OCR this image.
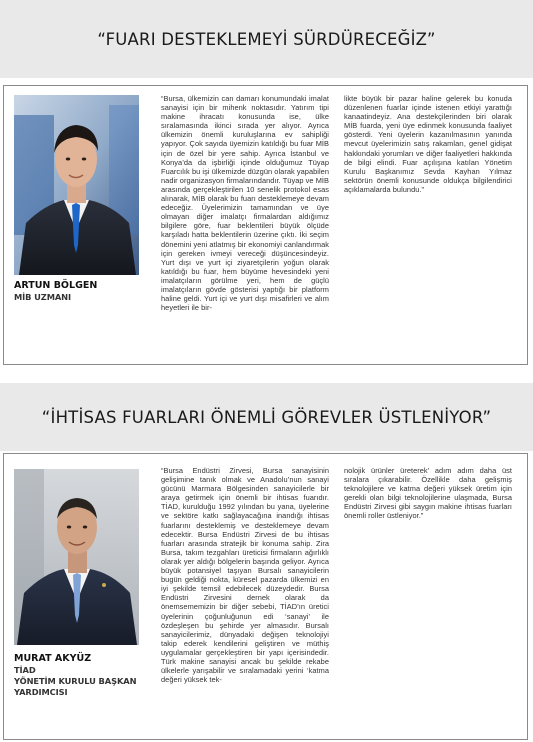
“FUARI DESTEKLEMEYİ SÜRDÜRECEĞİZ”
ARTUN BÖLGEN
MİB UZMANI
“Bursa, ülkemizin can damarı konumundaki imalat sanayisi için bir mihenk noktasıdır. Yatırım tipi makine ihracatı konusunda ise, ülke sıralamasında ikinci sırada yer alıyor. Ayrıca ülkemizin önemli kuruluşlarına ev sahipliği yapıyor. Çok sayıda üyemizin katıldığı bu fuar MİB için de özel bir yere sahip. Ayrıca İstanbul ve Konya’da da işbirliği içinde olduğumuz Tüyap Fuarcılık bu işi ülkemizde düzgün olarak yapabilen nadir organizasyon firmalarındandır. Tüyap ve MİB arasında gerçekleştirilen 10 senelik protokol esas alınarak, MİB olarak bu fuarı desteklemeye devam edeceğiz. Üyelerimizin tamamından ve üye olmayan diğer imalatçı firmalardan aldığımız bilgilere göre, fuar beklentileri büyük ölçüde karşıladı hatta beklentilerin üzerine çıktı. İki seçim dönemini yeni atlatmış bir ekonomiyi canlandırmak için gereken ivmeyi vereceği düşüncesindeyiz. Yurt dışı ve yurt içi ziyaretçilerin yoğun olarak katıldığı bu fuar, hem büyüme hevesindeki yeni imalatçıların görülme yeri, hem de güçlü imalatçıların gövde gösterisi yaptığı bir platform haline geldi. Yurt içi ve yurt dışı misafirleri ve alım heyetleri ile bir-
likte büyük bir pazar haline gelerek bu konuda düzenlenen fuarlar içinde istenen etkiyi yarattığı kanaatindeyiz. Ana destekçilerinden biri olarak MİB fuarda, yeni üye edinmek konusunda faaliyet gösterdi. Yeni üyelerin kazanılmasının yanında mevcut üyelerimizin satış rakamları, genel gidişat hakkındaki yorumları ve diğer faaliyetleri hakkında de bilgi elindi. Fuar açılışına katılan Yönetim Kurulu Başkanımız Sevda Kayhan Yılmaz sektörün önemli konusunde oldukça bilgilendirici açıklamalarda bulundu.”
“İHTİSAS FUARLARI ÖNEMLİ GÖREVLER ÜSTLENİYOR”
MURAT AKYÜZ
TİAD
YÖNETİM KURULU BAŞKAN
YARDIMCISI
“Bursa Endüstri Zirvesi, Bursa sanayisinin gelişimine tanık olmak ve Anadolu’nun sanayi gücünü Marmara Bölgesinden sanayicilerle bir araya getirmek için önemli bir ihtisas fuarıdır. TİAD, kurulduğu 1992 yılından bu yana, üyelerine ve sektöre katkı sağlayacağına inandığı ihtisas fuarlarını desteklemiş ve desteklemeye devam edecektir. Bursa Endüstri Zirvesi de bu ihtisas fuarları arasında stratejik bir konuma sahip. Zira Bursa, takım tezgahları üreticisi firmaların ağırlıklı olarak yer aldığı bölgelerin başında geliyor. Ayrıca büyük potansiyel taşıyan Bursalı sanayicilerin bugün geldiği nokta, küresel pazarda ülkemizi en iyi şekilde temsil edebilecek düzeydedir. Bursa Endüstri Zirvesini dernek olarak da önemsememizin bir diğer sebebi, TİAD’ın üretici üyelerinin çoğunluğunun edi ‘sanayi’ ile özdeşleşen bu şehirde yer almasıdır. Bursalı sanayicilerimiz, dünyadaki değişen teknolojiyi takip ederek kendilerini geliştiren ve müthiş uygulamalar gerçekleştiren bir yapı içerisindedir. Türk makine sanayisi ancak bu şekilde rekabe ülkelerle yarışabilir ve sıralamadaki yerini ‘katma değeri yüksek tek-
nolojik ürünler üreterek’ adım adım daha üst sıralara çıkarabilir. Özellikle daha gelişmiş teknolojilere ve katma değeri yüksek üretim için gerekli olan bilgi teknolojilerine ulaşmada, Bursa Endüstri Zirvesi gibi saygın makine ihtisas fuarları önemli roller üstleniyor.”
